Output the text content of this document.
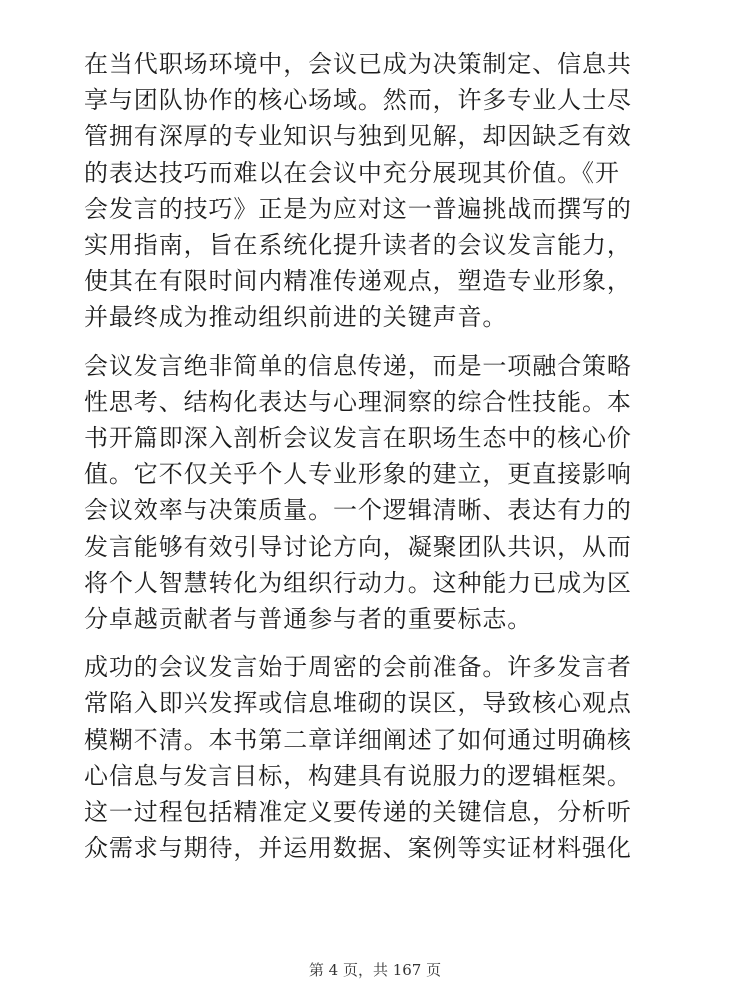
在当代职场环境中，会议已成为决策制定、信息共
享与团队协作的核心场域。然而，许多专业人士尽
管拥有深厚的专业知识与独到见解，却因缺乏有效
的表达技巧而难以在会议中充分展现其价值。《开
会发言的技巧》正是为应对这一普遍挑战而撰写的
实用指南，旨在系统化提升读者的会议发言能力，
使其在有限时间内精准传递观点，塑造专业形象，
并最终成为推动组织前进的关键声音。
会议发言绝非简单的信息传递，而是一项融合策略
性思考、结构化表达与心理洞察的综合性技能。本
书开篇即深入剖析会议发言在职场生态中的核心价
值。它不仅关乎个人专业形象的建立，更直接影响
会议效率与决策质量。一个逻辑清晰、表达有力的
发言能够有效引导讨论方向，凝聚团队共识，从而
将个人智慧转化为组织行动力。这种能力已成为区
分卓越贡献者与普通参与者的重要标志。
成功的会议发言始于周密的会前准备。许多发言者
常陷入即兴发挥或信息堆砌的误区，导致核心观点
模糊不清。本书第二章详细阐述了如何通过明确核
心信息与发言目标，构建具有说服力的逻辑框架。
这一过程包括精准定义要传递的关键信息，分析听
众需求与期待，并运用数据、案例等实证材料强化
第 4 页，共 167 页
